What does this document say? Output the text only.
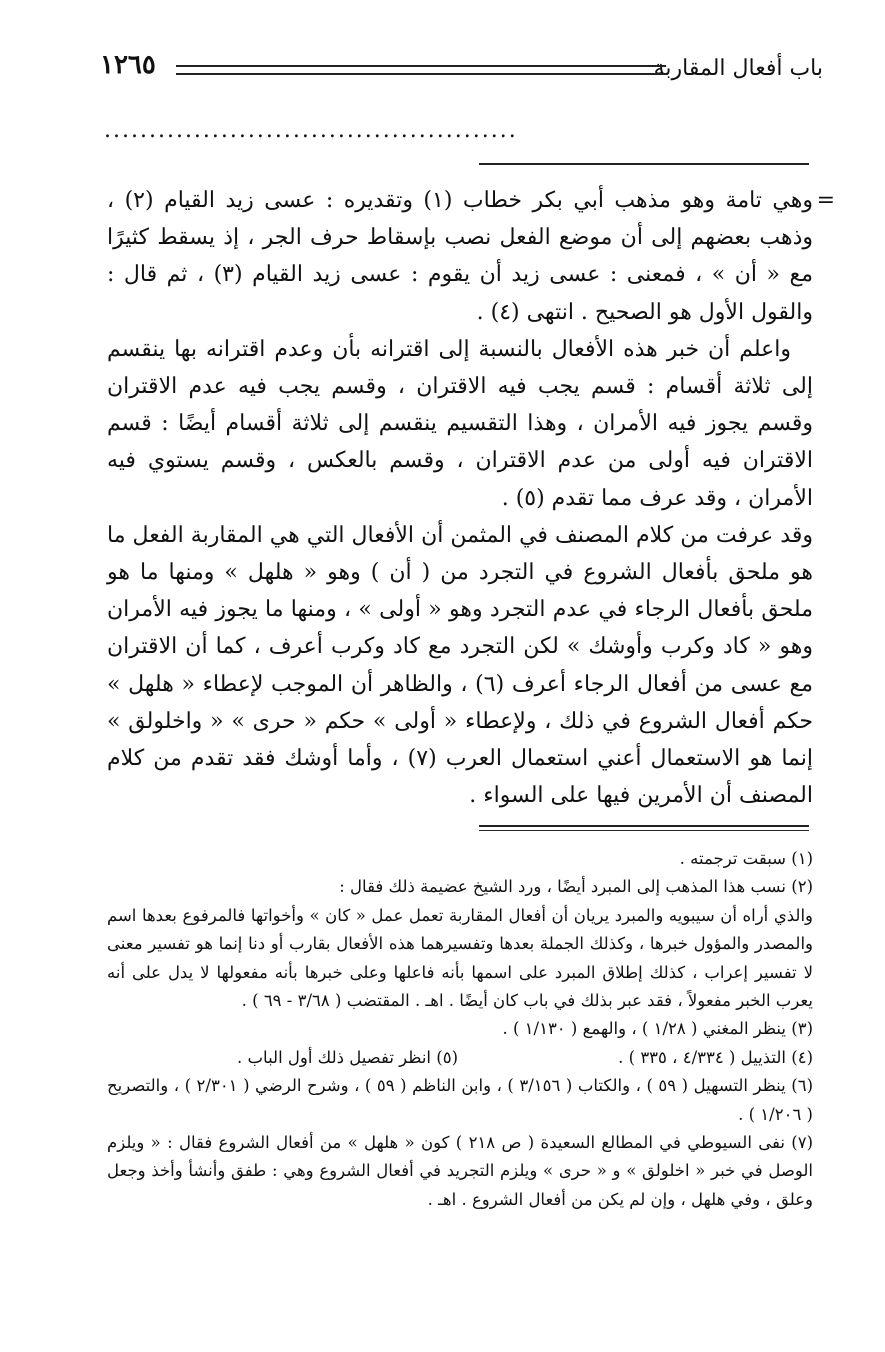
باب أفعال المقاربة
١٢٦٥
..............................................
=

وهي تامة وهو مذهب أبي بكر خطاب (١) وتقديره : عسى زيد القيام (٢) ، وذهب بعضهم إلى أن موضع الفعل نصب بإسقاط حرف الجر ، إذ يسقط كثيرًا مع « أن » ، فمعنى : عسى زيد أن يقوم : عسى زيد القيام (٣) ، ثم قال : والقول الأول هو الصحيح . انتهى (٤) .

واعلم أن خبر هذه الأفعال بالنسبة إلى اقترانه بأن وعدم اقترانه بها ينقسم إلى ثلاثة أقسام : قسم يجب فيه الاقتران ، وقسم يجب فيه عدم الاقتران وقسم يجوز فيه الأمران ، وهذا التقسيم ينقسم إلى ثلاثة أقسام أيضًا : قسم الاقتران فيه أولى من عدم الاقتران ، وقسم بالعكس ، وقسم يستوي فيه الأمران ، وقد عرف مما تقدم (٥) .

وقد عرفت من كلام المصنف في المثمن أن الأفعال التي هي المقاربة الفعل ما هو ملحق بأفعال الشروع في التجرد من ( أن ) وهو « هلهل » ومنها ما هو ملحق بأفعال الرجاء في عدم التجرد وهو « أولى » ، ومنها ما يجوز فيه الأمران وهو « كاد وكرب وأوشك » لكن التجرد مع كاد وكرب أعرف ، كما أن الاقتران مع عسى من أفعال الرجاء أعرف (٦) ، والظاهر أن الموجب لإعطاء « هلهل » حكم أفعال الشروع في ذلك ، ولإعطاء « أولى » حكم « حرى » « واخلولق » إنما هو الاستعمال أعني استعمال العرب (٧) ، وأما أوشك فقد تقدم من كلام المصنف أن الأمرين فيها على السواء .

(١) سبقت ترجمته .

(٢) نسب هذا المذهب إلى المبرد أيضًا ، ورد الشيخ عضيمة ذلك فقال :

والذي أراه أن سيبويه والمبرد يريان أن أفعال المقاربة تعمل عمل « كان » وأخواتها فالمرفوع بعدها اسم والمصدر والمؤول خبرها ، وكذلك الجملة بعدها وتفسيرهما هذه الأفعال بقارب أو دنا إنما هو تفسير معنى لا تفسير إعراب ، كذلك إطلاق المبرد على اسمها بأنه فاعلها وعلى خبرها بأنه مفعولها لا يدل على أنه يعرب الخبر مفعولاً ، فقد عبر بذلك في باب كان أيضًا . اهـ . المقتضب ( ٣/٦٨ - ٦٩ ) .

(٣) ينظر المغني ( ١/٢٨ ) ، والهمع ( ١/١٣٠ ) .

(٤) التذييل ( ٤/٣٣٤ ، ٣٣٥ ) .
(٥) انظر تفصيل ذلك أول الباب .

(٦) ينظر التسهيل ( ٥٩ ) ، والكتاب ( ٣/١٥٦ ) ، وابن الناظم ( ٥٩ ) ، وشرح الرضي ( ٢/٣٠١ ) ، والتصريح ( ١/٢٠٦ ) .

(٧) نفى السيوطي في المطالع السعيدة ( ص ٢١٨ ) كون « هلهل » من أفعال الشروع فقال : « ويلزم الوصل في خبر « اخلولق » و « حرى » ويلزم التجريد في أفعال الشروع وهي : طفق وأنشأ وأخذ وجعل وعلق ، وفي هلهل ، وإن لم يكن من أفعال الشروع . اهـ .
